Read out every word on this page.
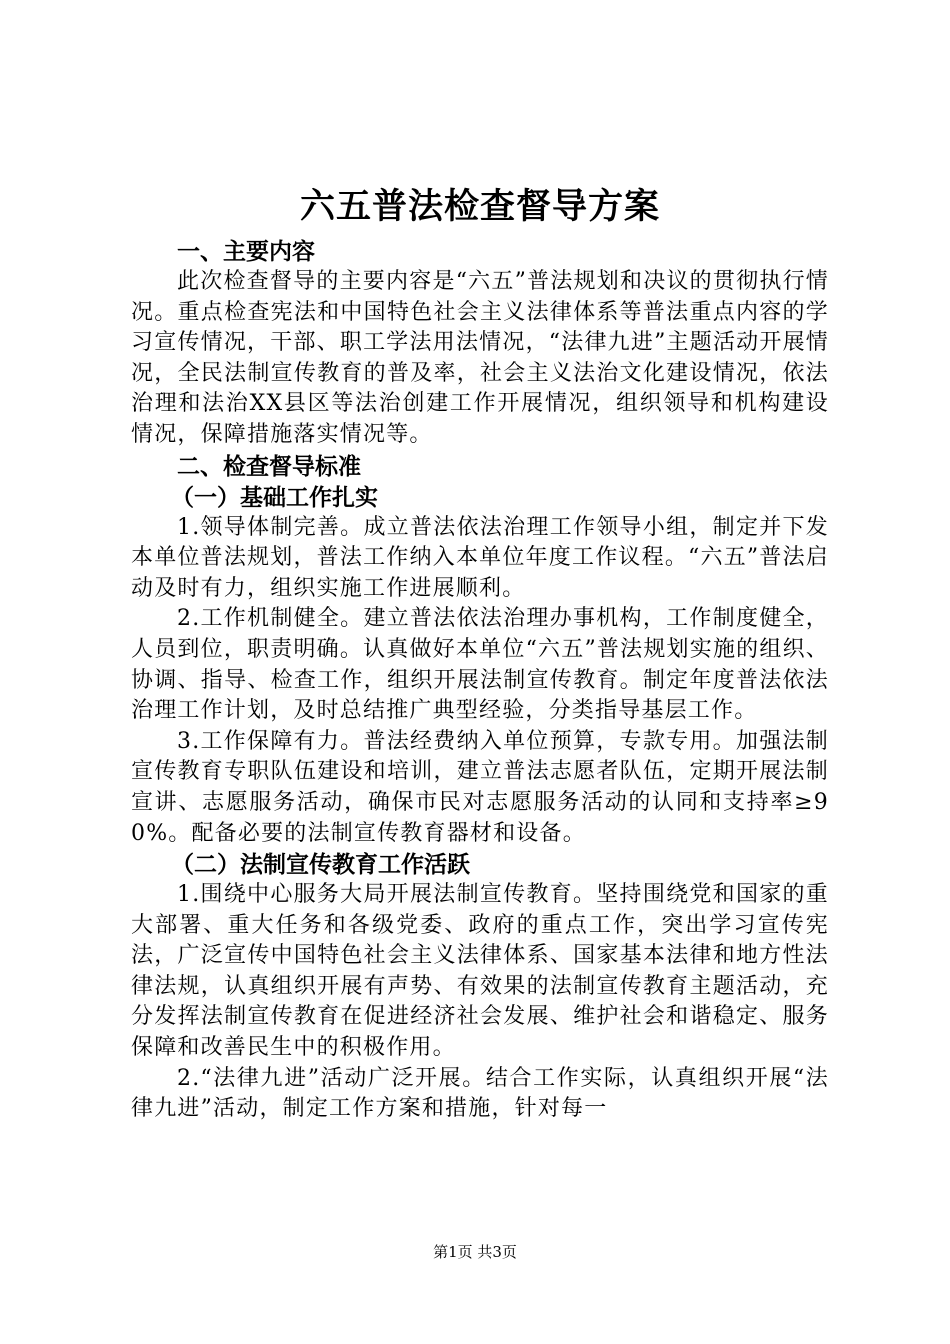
六五普法检查督导方案
一、主要内容

此次检查督导的主要内容是“六五”普法规划和决议的贯彻执行情况。重点检查宪法和中国特色社会主义法律体系等普法重点内容的学习宣传情况，干部、职工学法用法情况，“法律九进”主题活动开展情况，全民法制宣传教育的普及率，社会主义法治文化建设情况，依法治理和法治XX县区等法治创建工作开展情况，组织领导和机构建设情况，保障措施落实情况等。

二、检查督导标准
（一）基础工作扎实

1.领导体制完善。成立普法依法治理工作领导小组，制定并下发本单位普法规划，普法工作纳入本单位年度工作议程。“六五”普法启动及时有力，组织实施工作进展顺利。

2.工作机制健全。建立普法依法治理办事机构，工作制度健全，人员到位，职责明确。认真做好本单位“六五”普法规划实施的组织、协调、指导、检查工作，组织开展法制宣传教育。制定年度普法依法治理工作计划，及时总结推广典型经验，分类指导基层工作。

3.工作保障有力。普法经费纳入单位预算，专款专用。加强法制宣传教育专职队伍建设和培训，建立普法志愿者队伍，定期开展法制宣讲、志愿服务活动，确保市民对志愿服务活动的认同和支持率≥90%。配备必要的法制宣传教育器材和设备。

（二）法制宣传教育工作活跃

1.围绕中心服务大局开展法制宣传教育。坚持围绕党和国家的重大部署、重大任务和各级党委、政府的重点工作，突出学习宣传宪法，广泛宣传中国特色社会主义法律体系、国家基本法律和地方性法律法规，认真组织开展有声势、有效果的法制宣传教育主题活动，充分发挥法制宣传教育在促进经济社会发展、维护社会和谐稳定、服务保障和改善民生中的积极作用。

2.“法律九进”活动广泛开展。结合工作实际，认真组织开展“法律九进”活动，制定工作方案和措施，针对每一

第1页 共3页
